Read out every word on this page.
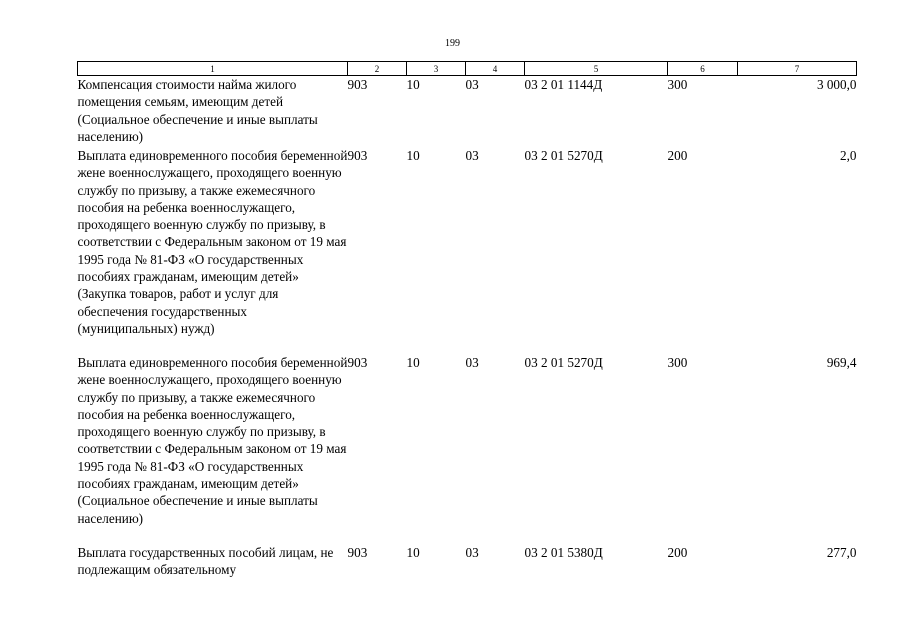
199
1	2	3	4	5	6	7
Компенсация стоимости найма жилого помещения семьям, имеющим детей (Социальное обеспечение и иные выплаты населению)	903	10	03	03 2 01 1144Д	300	3 000,0
Выплата единовременного пособия беременной жене военнослужащего, проходящего военную службу по призыву, а также ежемесячного пособия на ребенка военнослужащего, проходящего военную службу по призыву, в соответствии с Федеральным законом от 19 мая 1995 года № 81-ФЗ «О государственных пособиях гражданам, имеющим детей» (Закупка товаров, работ и услуг для обеспечения государственных (муниципальных) нужд)	903	10	03	03 2 01 5270Д	200	2,0
Выплата единовременного пособия беременной жене военнослужащего, проходящего военную службу по призыву, а также ежемесячного пособия на ребенка военнослужащего, проходящего военную службу по призыву, в соответствии с Федеральным законом от 19 мая 1995 года № 81-ФЗ «О государственных пособиях гражданам, имеющим детей» (Социальное обеспечение и иные выплаты населению)	903	10	03	03 2 01 5270Д	300	969,4
Выплата государственных пособий лицам, не подлежащим обязательному	903	10	03	03 2 01 5380Д	200	277,0
